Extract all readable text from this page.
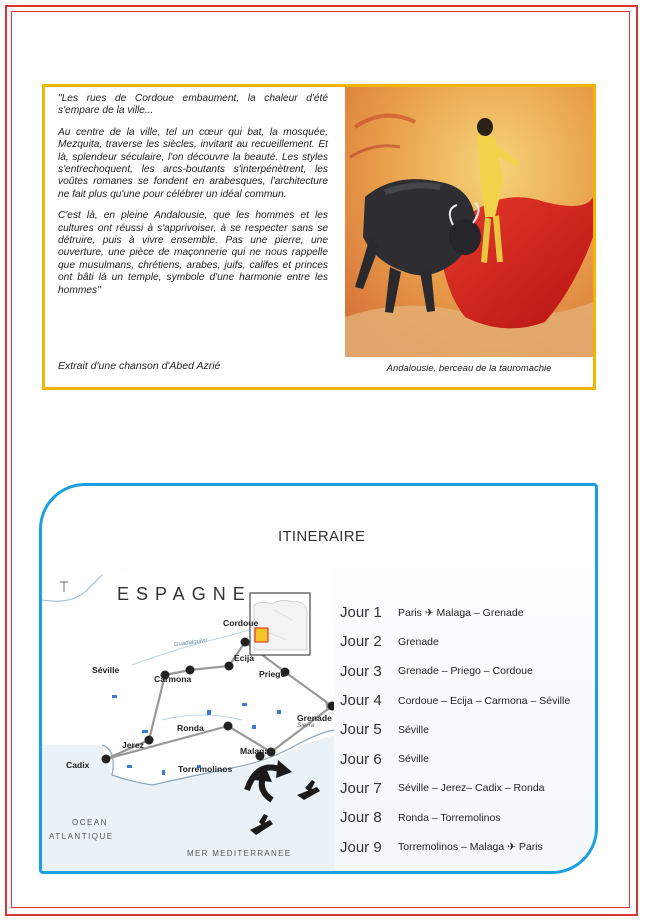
"Les rues de Cordoue embaument, la chaleur d'été s'empare de la ville...

Au centre de la ville, tel un cœur qui bat, la mosquée, Mezquita, traverse les siècles, invitant au recueillement. Et là, splendeur séculaire, l'on découvre la beauté. Les styles s'entrechoquent, les arcs-boutants s'interpénètrent, les voûtes romanes se fondent en arabesques, l'architecture ne fait plus qu'une pour célébrer un idéal commun.

C'est là, en pleine Andalousie, que les hommes et les cultures ont réussi à s'apprivoiser, à se respecter sans se détruire, puis à vivre ensemble. Pas une pierre, une ouverture, une pièce de maçonnerie qui ne nous rappelle que musulmans, chrétiens, arabes, juifs, califes et princes ont bâti là un temple, symbole d'une harmonie entre les hommes"

Extrait d'une chanson d'Abed Azrié	Andalousie, berceau de la tauromachie
ITINERAIRE
ESPAGNE
Guadalquivir
Sierra
OCEAN
ATLANTIQUE
MER MEDITERRANEE
Cordoue
Ecija
Carmona
Séville	Priego
Grenade
Jerez
Ronda
Cadix
Malaga
Torremolinos
Jour 1	Paris ✈ Malaga – Grenade
Jour 2	Grenade
Jour 3	Grenade – Priego – Cordoue
Jour 4	Cordoue – Ecija – Carmona – Séville
Jour 5	Séville
Jour 6	Séville
Jour 7	Séville – Jerez– Cadix – Ronda
Jour 8	Ronda – Torremolinos
Jour 9	Torremolinos – Malaga ✈ Paris
